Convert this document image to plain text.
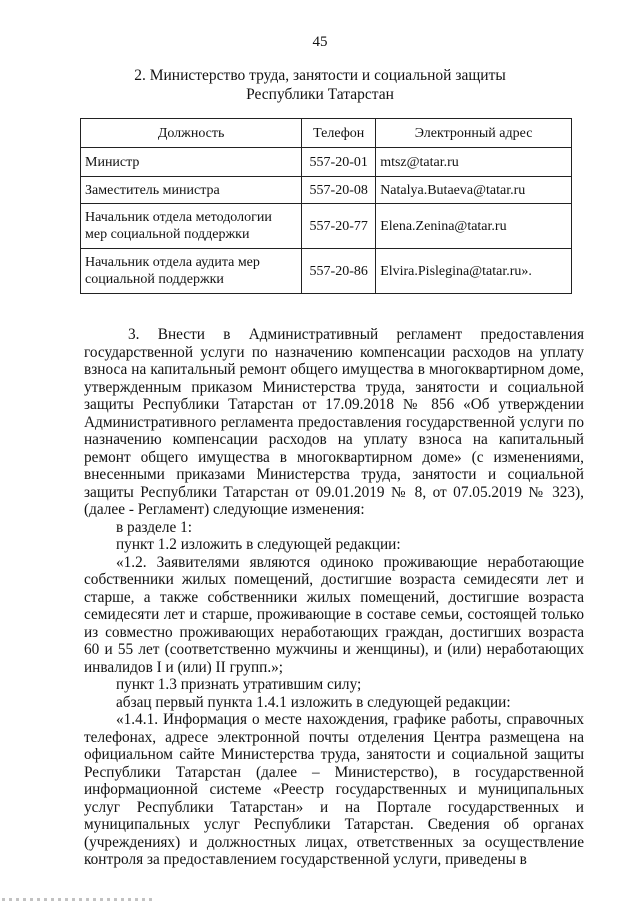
45
2. Министерство труда, занятости и социальной защиты
Республики Татарстан
Должность	Телефон	Электронный адрес
Министр	557-20-01	mtsz@tatar.ru
Заместитель министра	557-20-08	Natalya.Butaeva@tatar.ru
Начальник отдела методологии мер социальной поддержки	557-20-77	Elena.Zenina@tatar.ru
Начальник отдела аудита мер социальной поддержки	557-20-86	Elvira.Pislegina@tatar.ru».

3. Внести в Административный регламент предоставления государственной услуги по назначению компенсации расходов на уплату взноса на капитальный ремонт общего имущества в многоквартирном доме, утвержденным приказом Министерства труда, занятости и социальной защиты Республики Татарстан от 17.09.2018 № 856 «Об утверждении Административного регламента предоставления государственной услуги по назначению компенсации расходов на уплату взноса на капитальный ремонт общего имущества в многоквартирном доме» (с изменениями, внесенными приказами Министерства труда, занятости и социальной защиты Республики Татарстан от 09.01.2019 № 8, от 07.05.2019 № 323), (далее - Регламент) следующие изменения:

в разделе 1:

пункт 1.2 изложить в следующей редакции:

«1.2. Заявителями являются одиноко проживающие неработающие собственники жилых помещений, достигшие возраста семидесяти лет и старше, а также собственники жилых помещений, достигшие возраста семидесяти лет и старше, проживающие в составе семьи, состоящей только из совместно проживающих неработающих граждан, достигших возраста 60 и 55 лет (соответственно мужчины и женщины), и (или) неработающих инвалидов I и (или) II групп.»;

пункт 1.3 признать утратившим силу;

абзац первый пункта 1.4.1 изложить в следующей редакции:

«1.4.1. Информация о месте нахождения, графике работы, справочных телефонах, адресе электронной почты отделения Центра размещена на официальном сайте Министерства труда, занятости и социальной защиты Республики Татарстан (далее – Министерство), в государственной информационной системе «Реестр государственных и муниципальных услуг Республики Татарстан» и на Портале государственных и муниципальных услуг Республики Татарстан. Сведения об органах (учреждениях) и должностных лицах, ответственных за осуществление контроля за предоставлением государственной услуги, приведены в
